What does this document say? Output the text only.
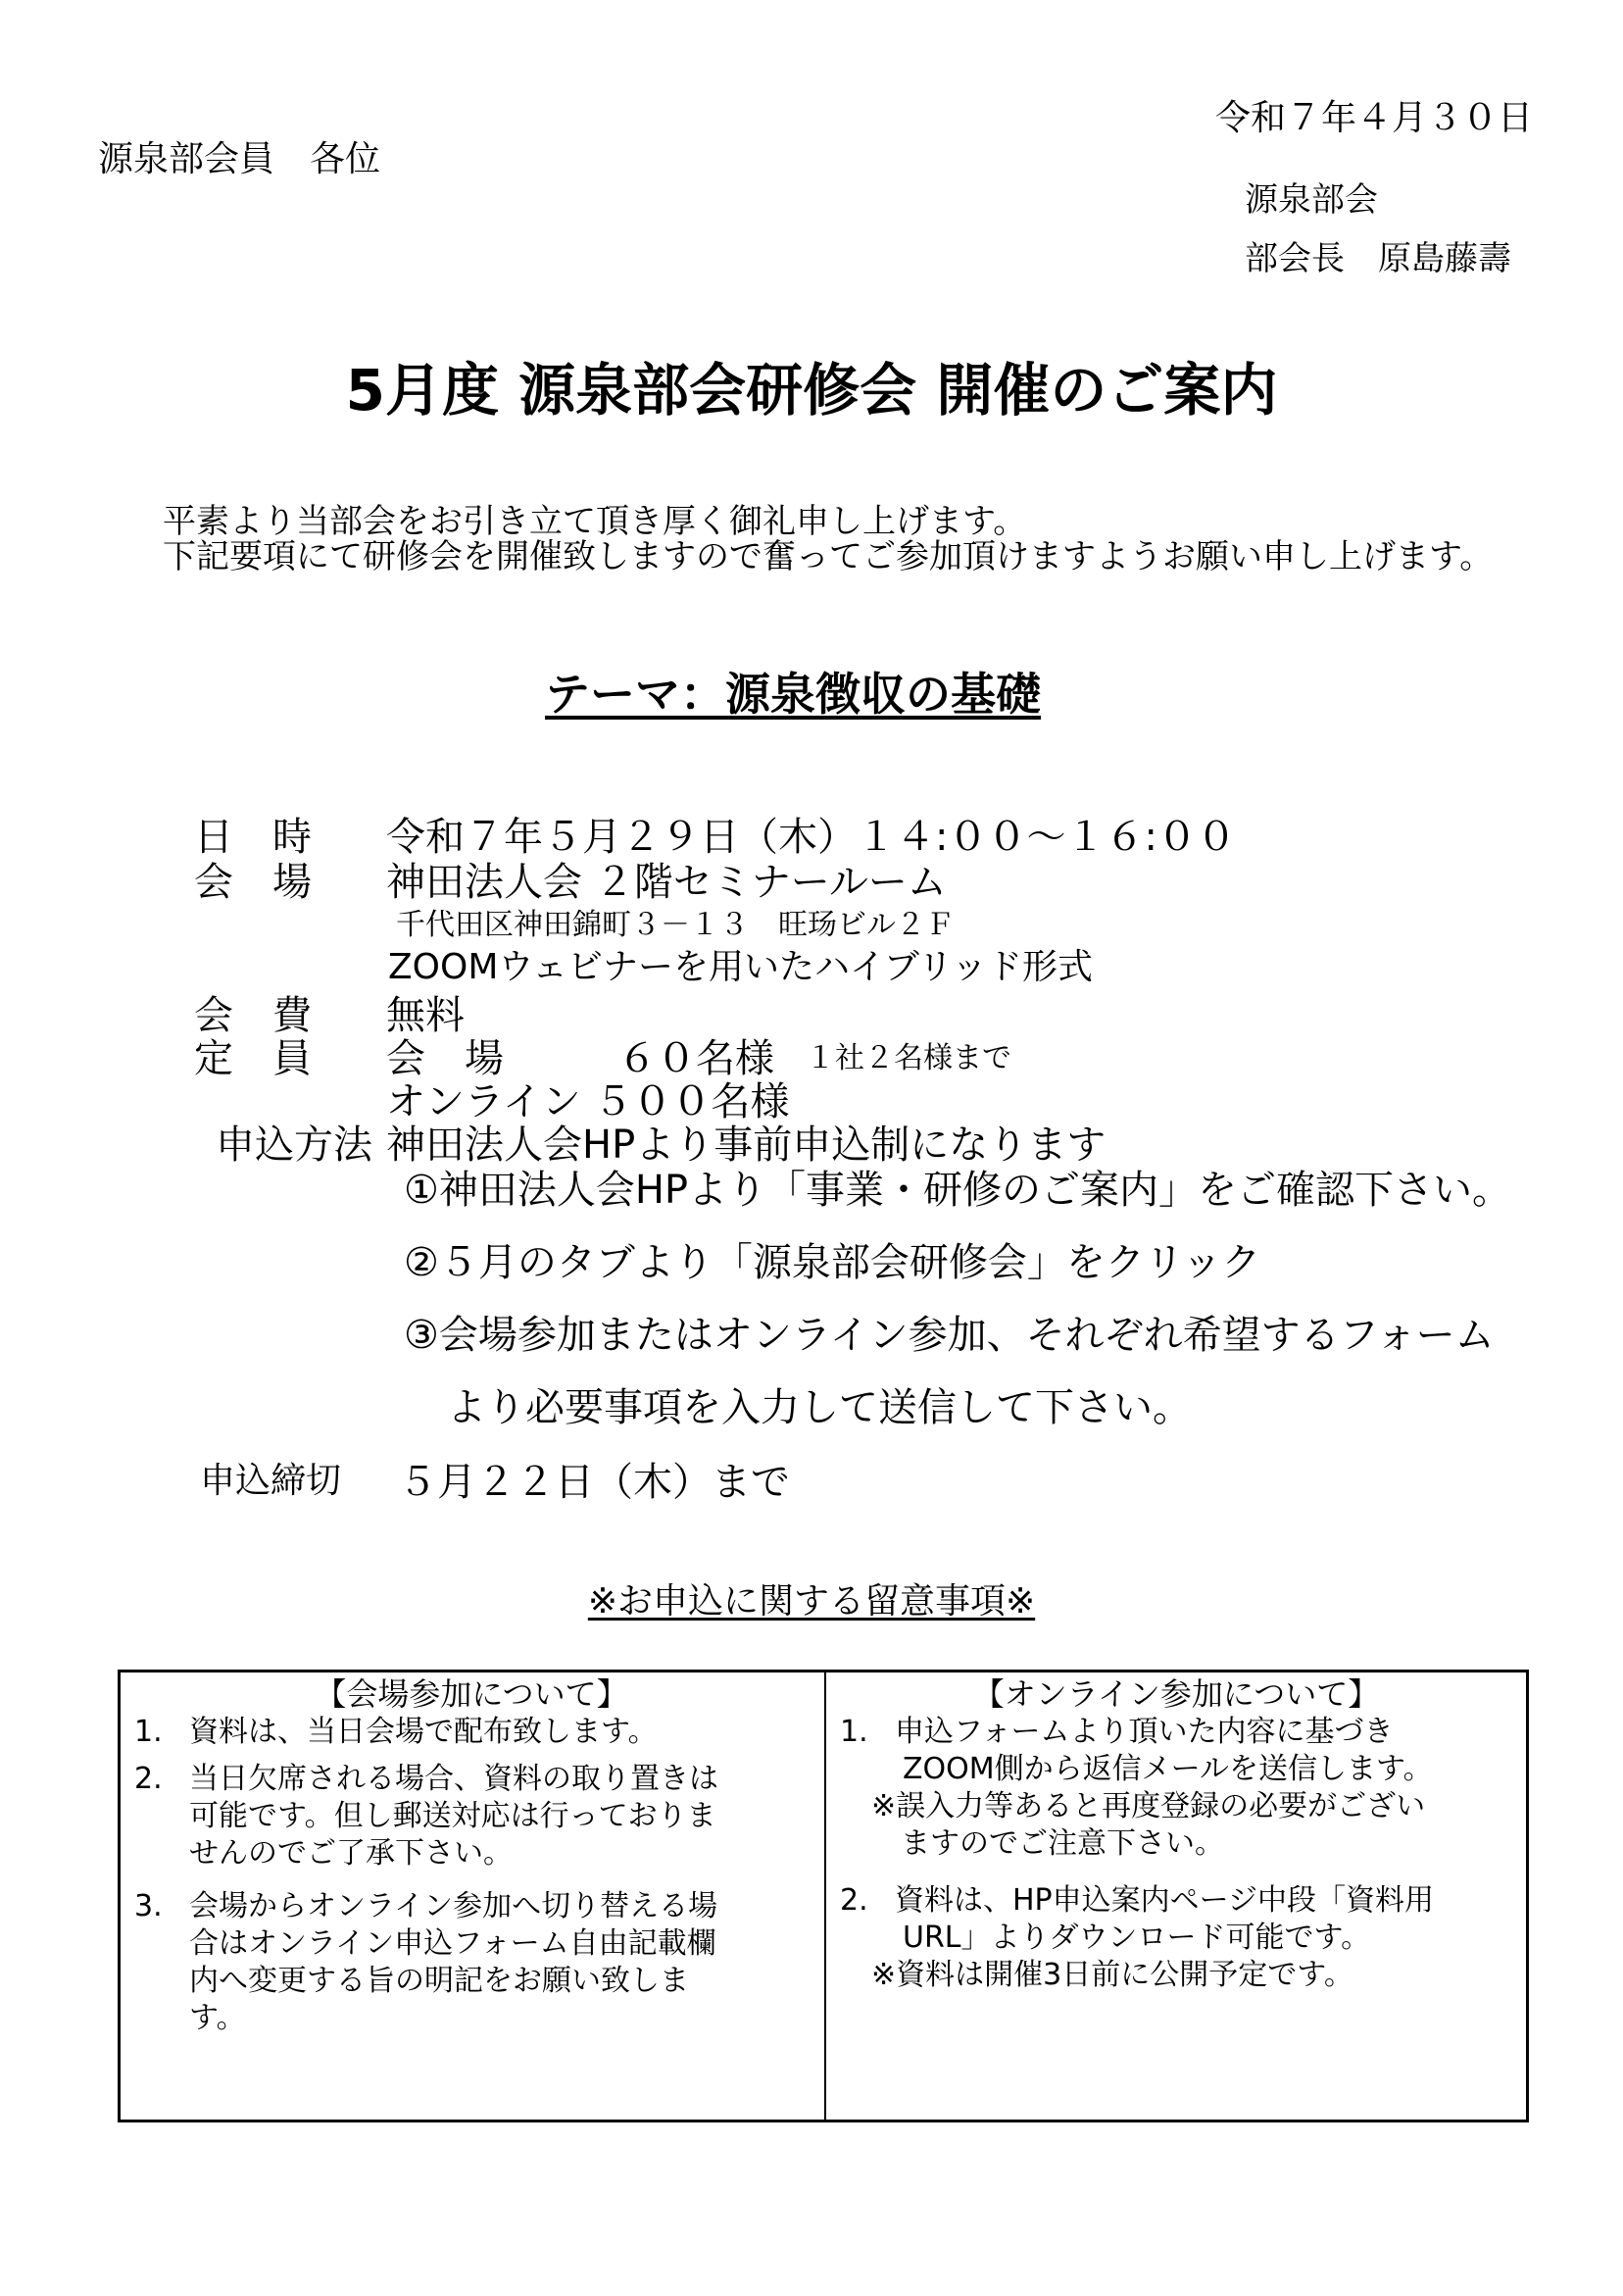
令和７年４月３０日
源泉部会員　各位
源泉部会
部会長　原島藤壽
5月度 源泉部会研修会 開催のご案内
平素より当部会をお引き立て頂き厚く御礼申し上げます。
下記要項にて研修会を開催致しますので奮ってご参加頂けますようお願い申し上げます。
テーマ：源泉徴収の基礎
日　時 令和７年５月２９日（木）１４:００～１６:００
会　場 神田法人会 ２階セミナールーム
千代田区神田錦町３－１３　旺玚ビル２Ｆ
ZOOMウェビナーを用いたハイブリッド形式
会　費 無料
定　員 会　場	６０名様 １社２名様まで
オンライン ５００名様
申込方法 神田法人会HPより事前申込制になります
①神田法人会HPより「事業・研修のご案内」をご確認下さい。
②５月のタブより「源泉部会研修会」をクリック
③会場参加またはオンライン参加、それぞれ希望するフォーム
より必要事項を入力して送信して下さい。
申込締切 ５月２２日（木）まで
※お申込に関する留意事項※
【会場参加について】
1. 資料は、当日会場で配布致します。
2. 当日欠席される場合、資料の取り置きは
可能です。但し郵送対応は行っておりま
せんのでご了承下さい。
3. 会場からオンライン参加へ切り替える場
合はオンライン申込フォーム自由記載欄
内へ変更する旨の明記をお願い致しま
す。
【オンライン参加について】
1. 申込フォームより頂いた内容に基づき
ZOOM側から返信メールを送信します。
※誤入力等あると再度登録の必要がござい
ますのでご注意下さい。
2. 資料は、HP申込案内ページ中段「資料用
URL」よりダウンロード可能です。
※資料は開催3日前に公開予定です。
